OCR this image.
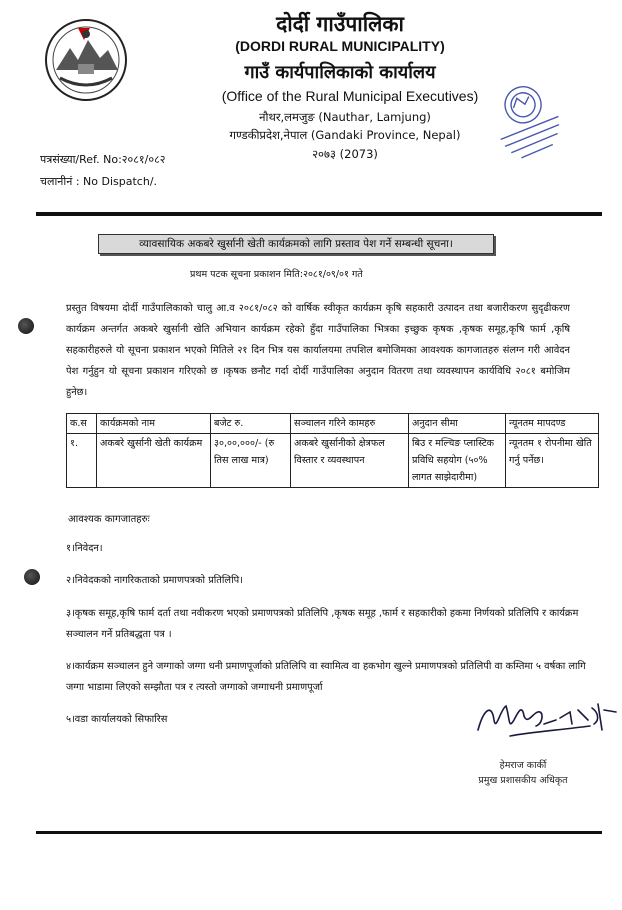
दोर्दी गाउँपालिका
(DORDI RURAL MUNICIPALITY)
गाउँ कार्यपालिकाको कार्यालय
(Office of the Rural Municipal Executives)
नौथर,लमजुङ (Nauthar, Lamjung)
गण्डकीप्रदेश,नेपाल (Gandaki Province, Nepal)
२०७३ (2073)
पत्रसंख्या/Ref. No:२०८१/०८२
चलानीनं : No Dispatch/.
व्यावसायिक अकबरे खुर्सानी खेती कार्यक्रमको लागि प्रस्ताव पेश गर्ने सम्बन्धी सूचना।
प्रथम पटक सूचना प्रकाशन मिति:२०८१/०९/०१ गते
प्रस्तुत विषयमा दोर्दी गाउँपालिकाको चालु आ.व २०८१/०८२ को वार्षिक स्वीकृत कार्यक्रम कृषि सहकारी उत्पादन तथा बजारीकरण सुदृढीकरण कार्यक्रम अन्तर्गत अकबरे खुर्सानी खेति अभियान कार्यक्रम रहेको हुँदा गाउँपालिका भित्रका इच्छुक कृषक ,कृषक समूह,कृषि फार्म ,कृषि सहकारीहरुले यो सूचना प्रकाशन भएको मितिले २१ दिन भित्र यस कार्यालयमा तपशिल बमोजिमका आवश्यक कागजातहरु संलग्न गरी आवेदन पेश गर्नुहुन यो सूचना प्रकाशन गरिएको छ ।कृषक छनौट गर्दा दोर्दी गाउँपालिका अनुदान वितरण तथा व्यवस्थापन कार्यविधि २०८१ बमोजिम हुनेछ।
क.स	कार्यक्रमको नाम	बजेट रु.	सञ्चालन गरिने कामहरु	अनुदान सीमा	न्यूनतम मापदण्ड
१.	अकबरे खुर्सानी खेती कार्यक्रम	३०,००,०००/- (रु तिस लाख मात्र)	अकबरे खुर्सानीको क्षेत्रफल विस्तार र व्यवस्थापन	बिउ र मल्चिङ प्लास्टिक प्रविधि सहयोग (५०% लागत साझेदारीमा)	न्यूनतम १ रोपनीमा खेति गर्नु पर्नेछ।
आवश्यक कागजातहरुः
१।निवेदन।
२।निवेदकको नागरिकताको प्रमाणपत्रको प्रतिलिपि।
३।कृषक समूह,कृषि फार्म दर्ता तथा नवीकरण भएको प्रमाणपत्रको प्रतिलिपि ,कृषक समूह ,फार्म र सहकारीको हकमा निर्णयको प्रतिलिपि र कार्यक्रम सञ्चालन गर्ने प्रतिबद्धता पत्र ।
४।कार्यक्रम सञ्चालन हुने जग्गाको जग्गा धनी प्रमाणपूर्जाको प्रतिलिपि वा स्वामित्व वा हकभोग खुल्ने प्रमाणपत्रको प्रतिलिपी वा कम्तिमा ५ वर्षका लागि जग्गा भाडामा लिएको सम्झौता पत्र र त्यस्तो जग्गाको जग्गाधनी प्रमाणपूर्जा
५।वडा कार्यालयको सिफारिस
हेमराज कार्की
प्रमुख प्रशासकीय अधिकृत
